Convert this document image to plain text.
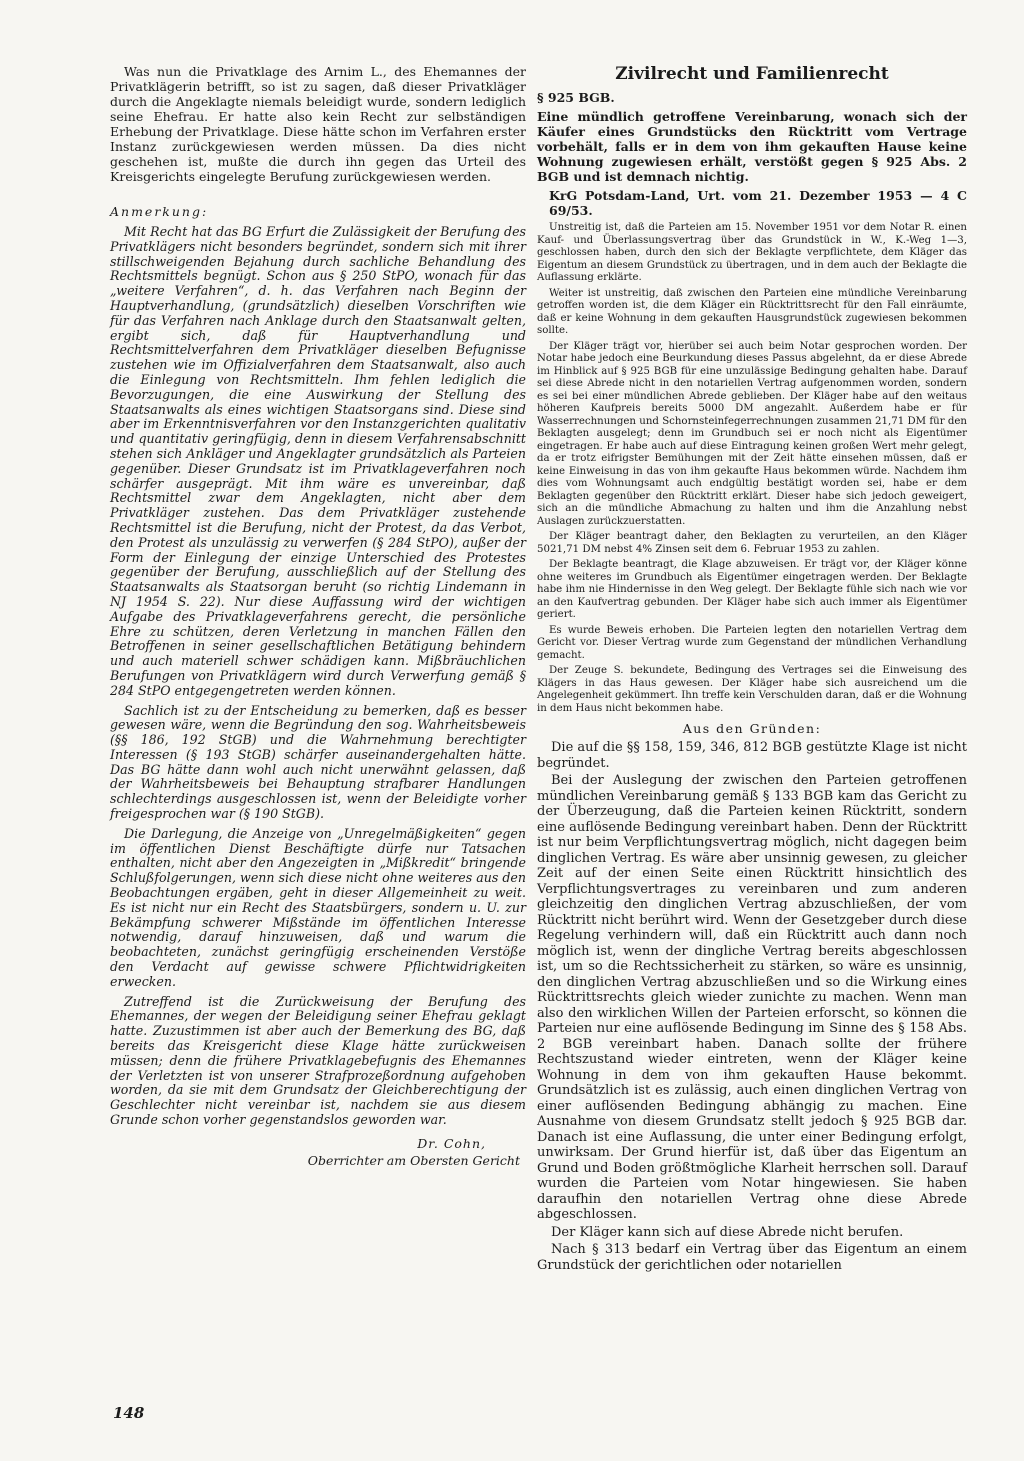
Was nun die Privatklage des Arnim L., des Ehemannes der Privatklägerin betrifft, so ist zu sagen, daß dieser Privatkläger durch die Angeklagte niemals beleidigt wurde, sondern lediglich seine Ehefrau. Er hatte also kein Recht zur selbständigen Erhebung der Privatklage. Diese hätte schon im Verfahren erster Instanz zurückgewiesen werden müssen. Da dies nicht geschehen ist, mußte die durch ihn gegen das Urteil des Kreisgerichts eingelegte Berufung zurückgewiesen werden.

Anmerkung:

Mit Recht hat das BG Erfurt die Zulässigkeit der Berufung des Privatklägers nicht besonders begründet, sondern sich mit ihrer stillschweigenden Bejahung durch sachliche Behandlung des Rechtsmittels begnügt. Schon aus § 250 StPO, wonach für das „weitere Verfahren“, d. h. das Verfahren nach Beginn der Hauptverhandlung, (grundsätzlich) dieselben Vorschriften wie für das Verfahren nach Anklage durch den Staatsanwalt gelten, ergibt sich, daß für Hauptverhandlung und Rechtsmittelverfahren dem Privatkläger dieselben Befugnisse zustehen wie im Offizialverfahren dem Staatsanwalt, also auch die Einlegung von Rechtsmitteln. Ihm fehlen lediglich die Bevorzugungen, die eine Auswirkung der Stellung des Staatsanwalts als eines wichtigen Staatsorgans sind. Diese sind aber im Erkenntnisverfahren vor den Instanzgerichten qualitativ und quantitativ geringfügig, denn in diesem Verfahrensabschnitt stehen sich Ankläger und Angeklagter grundsätzlich als Parteien gegenüber. Dieser Grundsatz ist im Privatklageverfahren noch schärfer ausgeprägt. Mit ihm wäre es unvereinbar, daß Rechtsmittel zwar dem Angeklagten, nicht aber dem Privatkläger zustehen. Das dem Privatkläger zustehende Rechtsmittel ist die Berufung, nicht der Protest, da das Verbot, den Protest als unzulässig zu verwerfen (§ 284 StPO), außer der Form der Einlegung der einzige Unterschied des Protestes gegenüber der Berufung, ausschließlich auf der Stellung des Staatsanwalts als Staatsorgan beruht (so richtig Lindemann in NJ 1954 S. 22). Nur diese Auffassung wird der wichtigen Aufgabe des Privatklageverfahrens gerecht, die persönliche Ehre zu schützen, deren Verletzung in manchen Fällen den Betroffenen in seiner gesellschaftlichen Betätigung behindern und auch materiell schwer schädigen kann. Mißbräuchlichen Berufungen von Privatklägern wird durch Verwerfung gemäß § 284 StPO entgegengetreten werden können.

Sachlich ist zu der Entscheidung zu bemerken, daß es besser gewesen wäre, wenn die Begründung den sog. Wahrheitsbeweis (§§ 186, 192 StGB) und die Wahrnehmung berechtigter Interessen (§ 193 StGB) schärfer auseinandergehalten hätte. Das BG hätte dann wohl auch nicht unerwähnt gelassen, daß der Wahrheitsbeweis bei Behauptung strafbarer Handlungen schlechterdings ausgeschlossen ist, wenn der Beleidigte vorher freigesprochen war (§ 190 StGB).

Die Darlegung, die Anzeige von „Unregelmäßigkeiten“ gegen im öffentlichen Dienst Beschäftigte dürfe nur Tatsachen enthalten, nicht aber den Angezeigten in „Mißkredit“ bringende Schlußfolgerungen, wenn sich diese nicht ohne weiteres aus den Beobachtungen ergäben, geht in dieser Allgemeinheit zu weit. Es ist nicht nur ein Recht des Staatsbürgers, sondern u. U. zur Bekämpfung schwerer Mißstände im öffentlichen Interesse notwendig, darauf hinzuweisen, daß und warum die beobachteten, zunächst geringfügig erscheinenden Verstöße den Verdacht auf gewisse schwere Pflichtwidrigkeiten erwecken.

Zutreffend ist die Zurückweisung der Berufung des Ehemannes, der wegen der Beleidigung seiner Ehefrau geklagt hatte. Zuzustimmen ist aber auch der Bemerkung des BG, daß bereits das Kreisgericht diese Klage hätte zurückweisen müssen; denn die frühere Privatklagebefugnis des Ehemannes der Verletzten ist von unserer Strafprozeßordnung aufgehoben worden, da sie mit dem Grundsatz der Gleichberechtigung der Geschlechter nicht vereinbar ist, nachdem sie aus diesem Grunde schon vorher gegenstandslos geworden war.

Dr. Cohn,
Oberrichter am Obersten Gericht
Zivilrecht und Familienrecht
§ 925 BGB.
Eine mündlich getroffene Vereinbarung, wonach sich der Käufer eines Grundstücks den Rücktritt vom Vertrage vorbehält, falls er in dem von ihm gekauften Hause keine Wohnung zugewiesen erhält, verstößt gegen § 925 Abs. 2 BGB und ist demnach nichtig.
KrG Potsdam-Land, Urt. vom 21. Dezember 1953 — 4 C 69/53.

Unstreitig ist, daß die Parteien am 15. November 1951 vor dem Notar R. einen Kauf- und Überlassungsvertrag über das Grundstück in W., K.-Weg 1—3, geschlossen haben, durch den sich der Beklagte verpflichtete, dem Kläger das Eigentum an diesem Grundstück zu übertragen, und in dem auch der Beklagte die Auflassung erklärte.

Weiter ist unstreitig, daß zwischen den Parteien eine mündliche Vereinbarung getroffen worden ist, die dem Kläger ein Rücktrittsrecht für den Fall einräumte, daß er keine Wohnung in dem gekauften Hausgrundstück zugewiesen bekommen sollte.

Der Kläger trägt vor, hierüber sei auch beim Notar gesprochen worden. Der Notar habe jedoch eine Beurkundung dieses Passus abgelehnt, da er diese Abrede im Hinblick auf § 925 BGB für eine unzulässige Bedingung gehalten habe. Darauf sei diese Abrede nicht in den notariellen Vertrag aufgenommen worden, sondern es sei bei einer mündlichen Abrede geblieben. Der Kläger habe auf den weitaus höheren Kaufpreis bereits 5000 DM angezahlt. Außerdem habe er für Wasserrechnungen und Schornsteinfegerrechnungen zusammen 21,71 DM für den Beklagten ausgelegt; denn im Grundbuch sei er noch nicht als Eigentümer eingetragen. Er habe auch auf diese Eintragung keinen großen Wert mehr gelegt, da er trotz eifrigster Bemühungen mit der Zeit hätte einsehen müssen, daß er keine Einweisung in das von ihm gekaufte Haus bekommen würde. Nachdem ihm dies vom Wohnungsamt auch endgültig bestätigt worden sei, habe er dem Beklagten gegenüber den Rücktritt erklärt. Dieser habe sich jedoch geweigert, sich an die mündliche Abmachung zu halten und ihm die Anzahlung nebst Auslagen zurückzuerstatten.

Der Kläger beantragt daher, den Beklagten zu verurteilen, an den Kläger 5021,71 DM nebst 4% Zinsen seit dem 6. Februar 1953 zu zahlen.

Der Beklagte beantragt, die Klage abzuweisen. Er trägt vor, der Kläger könne ohne weiteres im Grundbuch als Eigentümer eingetragen werden. Der Beklagte habe ihm nie Hindernisse in den Weg gelegt. Der Beklagte fühle sich nach wie vor an den Kaufvertrag gebunden. Der Kläger habe sich auch immer als Eigentümer geriert.

Es wurde Beweis erhoben. Die Parteien legten den notariellen Vertrag dem Gericht vor. Dieser Vertrag wurde zum Gegenstand der mündlichen Verhandlung gemacht.

Der Zeuge S. bekundete, Bedingung des Vertrages sei die Einweisung des Klägers in das Haus gewesen. Der Kläger habe sich ausreichend um die Angelegenheit gekümmert. Ihn treffe kein Verschulden daran, daß er die Wohnung in dem Haus nicht bekommen habe.

Aus den Gründen:

Die auf die §§ 158, 159, 346, 812 BGB gestützte Klage ist nicht begründet.

Bei der Auslegung der zwischen den Parteien getroffenen mündlichen Vereinbarung gemäß § 133 BGB kam das Gericht zu der Überzeugung, daß die Parteien keinen Rücktritt, sondern eine auflösende Bedingung vereinbart haben. Denn der Rücktritt ist nur beim Verpflichtungsvertrag möglich, nicht dagegen beim dinglichen Vertrag. Es wäre aber unsinnig gewesen, zu gleicher Zeit auf der einen Seite einen Rücktritt hinsichtlich des Verpflichtungsvertrages zu vereinbaren und zum anderen gleichzeitig den dinglichen Vertrag abzuschließen, der vom Rücktritt nicht berührt wird. Wenn der Gesetzgeber durch diese Regelung verhindern will, daß ein Rücktritt auch dann noch möglich ist, wenn der dingliche Vertrag bereits abgeschlossen ist, um so die Rechtssicherheit zu stärken, so wäre es unsinnig, den dinglichen Vertrag abzuschließen und so die Wirkung eines Rücktrittsrechts gleich wieder zunichte zu machen. Wenn man also den wirklichen Willen der Parteien erforscht, so können die Parteien nur eine auflösende Bedingung im Sinne des § 158 Abs. 2 BGB vereinbart haben. Danach sollte der frühere Rechtszustand wieder eintreten, wenn der Kläger keine Wohnung in dem von ihm gekauften Hause bekommt. Grundsätzlich ist es zulässig, auch einen dinglichen Vertrag von einer auflösenden Bedingung abhängig zu machen. Eine Ausnahme von diesem Grundsatz stellt jedoch § 925 BGB dar. Danach ist eine Auflassung, die unter einer Bedingung erfolgt, unwirksam. Der Grund hierfür ist, daß über das Eigentum an Grund und Boden größtmögliche Klarheit herrschen soll. Darauf wurden die Parteien vom Notar hingewiesen. Sie haben daraufhin den notariellen Vertrag ohne diese Abrede abgeschlossen.

Der Kläger kann sich auf diese Abrede nicht berufen.

Nach § 313 bedarf ein Vertrag über das Eigentum an einem Grundstück der gerichtlichen oder notariellen

148
